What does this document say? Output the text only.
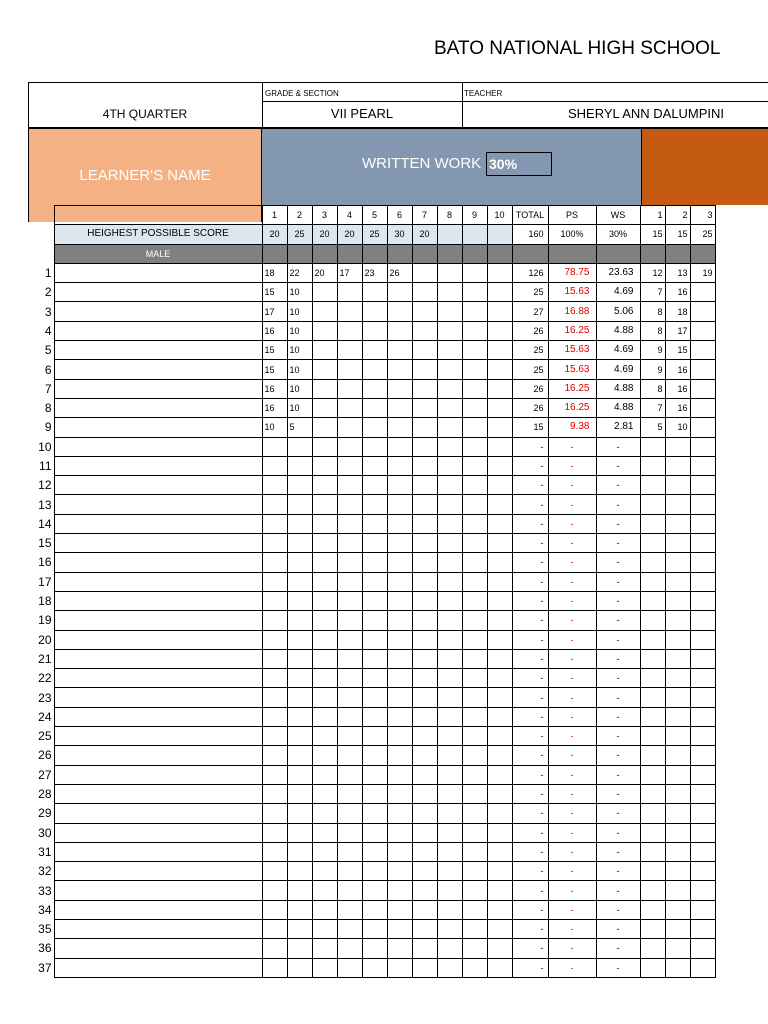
BATO NATIONAL HIGH SCHOOL
GRADE & SECTION	TEACHER
4TH QUARTER	VII PEARL	SHERYL ANN DALUMPINI
LEARNER'S NAME
WRITTEN WORK 30%
		1	2	3	4	5	6	7	8	9	10	TOTAL	PS	WS	1	2	3
	HEIGHEST POSSIBLE SCORE	20	25	20	20	25	30	20				160	100%	30%	15	15	25
	MALE																
1		18	22	20	17	23	26					126	78.75	23.63	12	13	19
2		15	10									25	15.63	4.69	7	16	
3		17	10									27	16.88	5.06	8	18	
4		16	10									26	16.25	4.88	8	17	
5		15	10									25	15.63	4.69	9	15	
6		15	10									25	15.63	4.69	9	16	
7		16	10									26	16.25	4.88	8	16	
8		16	10									26	16.25	4.88	7	16	
9		10	5									15	9.38	2.81	5	10	
10												-	-	-			
11												-	-	-			
12												-	-	-			
13												-	-	-			
14												-	-	-			
15												-	-	-			
16												-	-	-			
17												-	-	-			
18												-	-	-			
19												-	-	-			
20												-	-	-			
21												-	-	-			
22												-	-	-			
23												-	-	-			
24												-	-	-			
25												-	-	-			
26												-	-	-			
27												-	-	-			
28												-	-	-			
29												-	-	-			
30												-	-	-			
31												-	-	-			
32												-	-	-			
33												-	-	-			
34												-	-	-			
35												-	-	-			
36												-	-	-			
37												-	-	-			
